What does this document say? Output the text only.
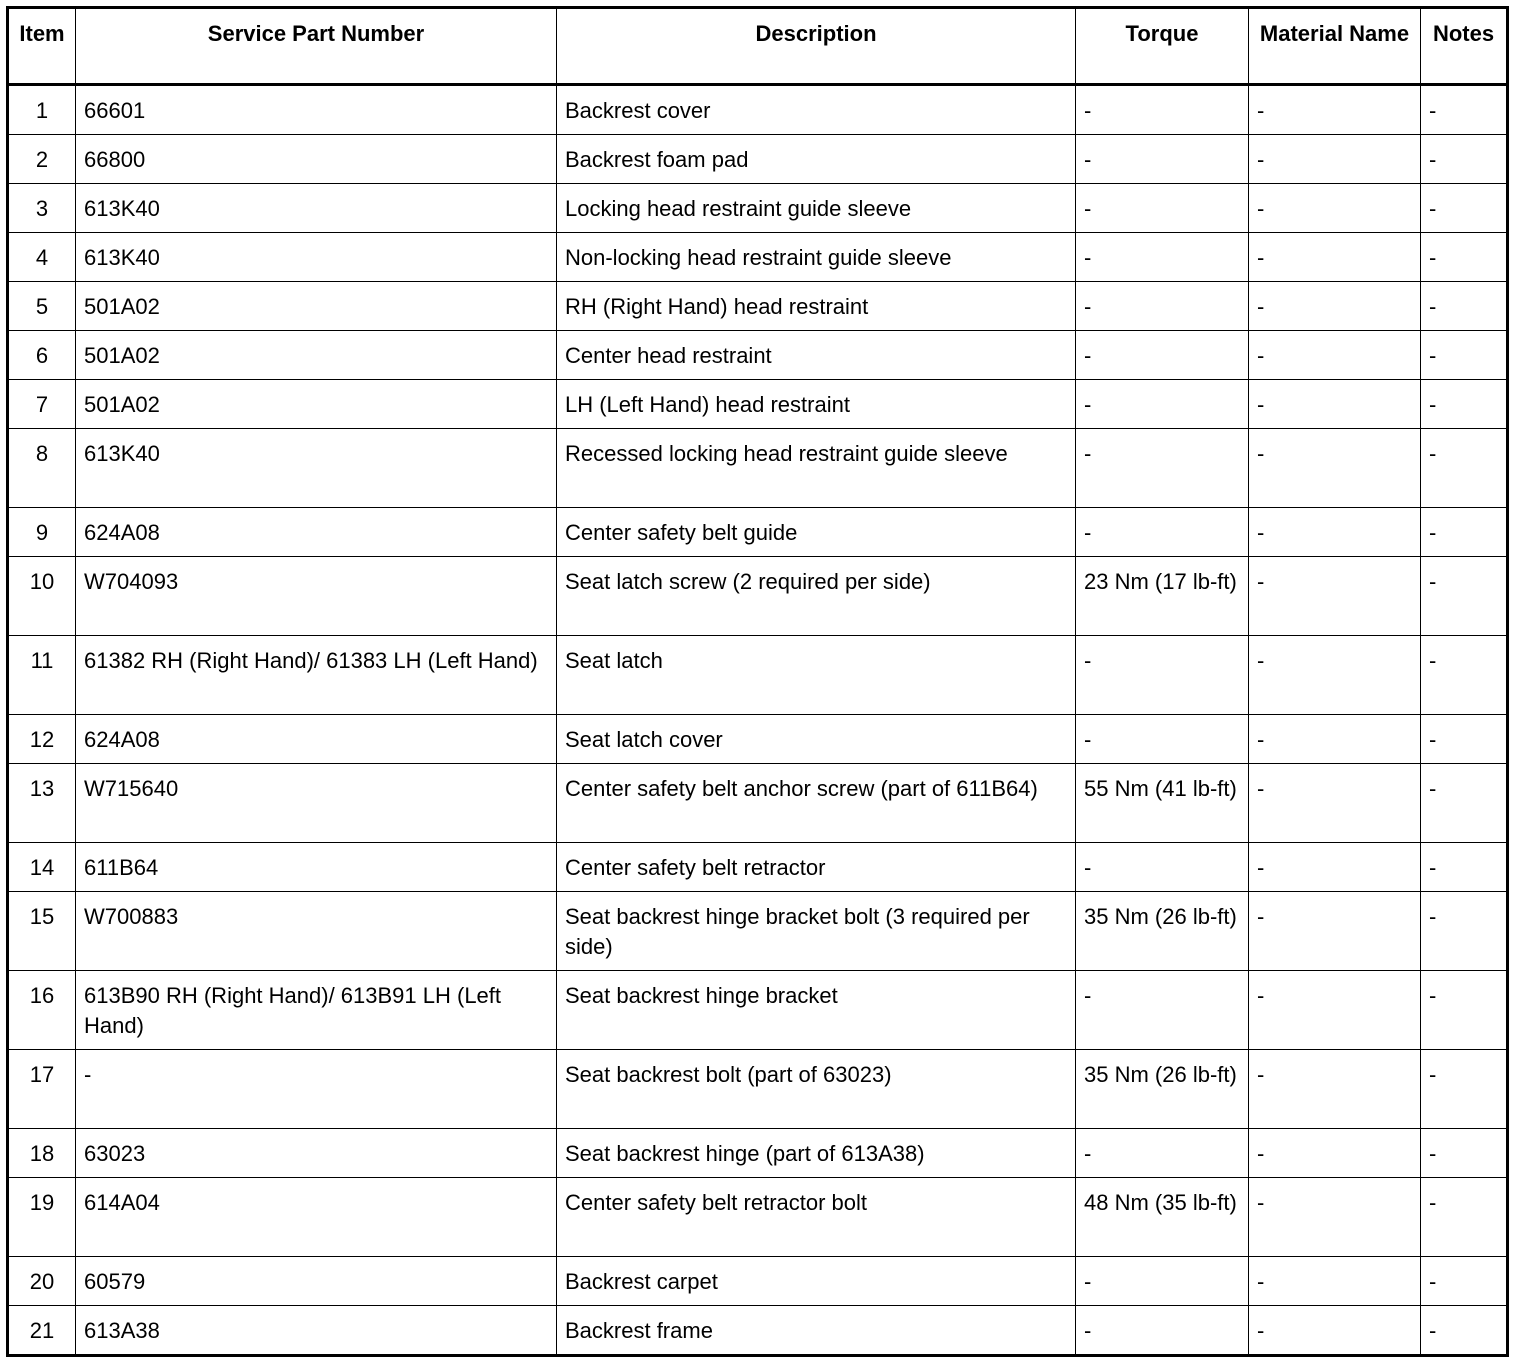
Item	Service Part Number	Description	Torque	Material Name	Notes
1	66601	Backrest cover	-	-	-
2	66800	Backrest foam pad	-	-	-
3	613K40	Locking head restraint guide sleeve	-	-	-
4	613K40	Non-locking head restraint guide sleeve	-	-	-
5	501A02	RH (Right Hand) head restraint	-	-	-
6	501A02	Center head restraint	-	-	-
7	501A02	LH (Left Hand) head restraint	-	-	-
8	613K40	Recessed locking head restraint guide sleeve	-	-	-
9	624A08	Center safety belt guide	-	-	-
10	W704093	Seat latch screw (2 required per side)	23 Nm (17 lb-ft)	-	-
11	61382 RH (Right Hand)/ 61383 LH (Left Hand)	Seat latch	-	-	-
12	624A08	Seat latch cover	-	-	-
13	W715640	Center safety belt anchor screw (part of 611B64)	55 Nm (41 lb-ft)	-	-
14	611B64	Center safety belt retractor	-	-	-
15	W700883	Seat backrest hinge bracket bolt (3 required per side)	35 Nm (26 lb-ft)	-	-
16	613B90 RH (Right Hand)/ 613B91 LH (Left Hand)	Seat backrest hinge bracket	-	-	-
17	-	Seat backrest bolt (part of 63023)	35 Nm (26 lb-ft)	-	-
18	63023	Seat backrest hinge (part of 613A38)	-	-	-
19	614A04	Center safety belt retractor bolt	48 Nm (35 lb-ft)	-	-
20	60579	Backrest carpet	-	-	-
21	613A38	Backrest frame	-	-	-
